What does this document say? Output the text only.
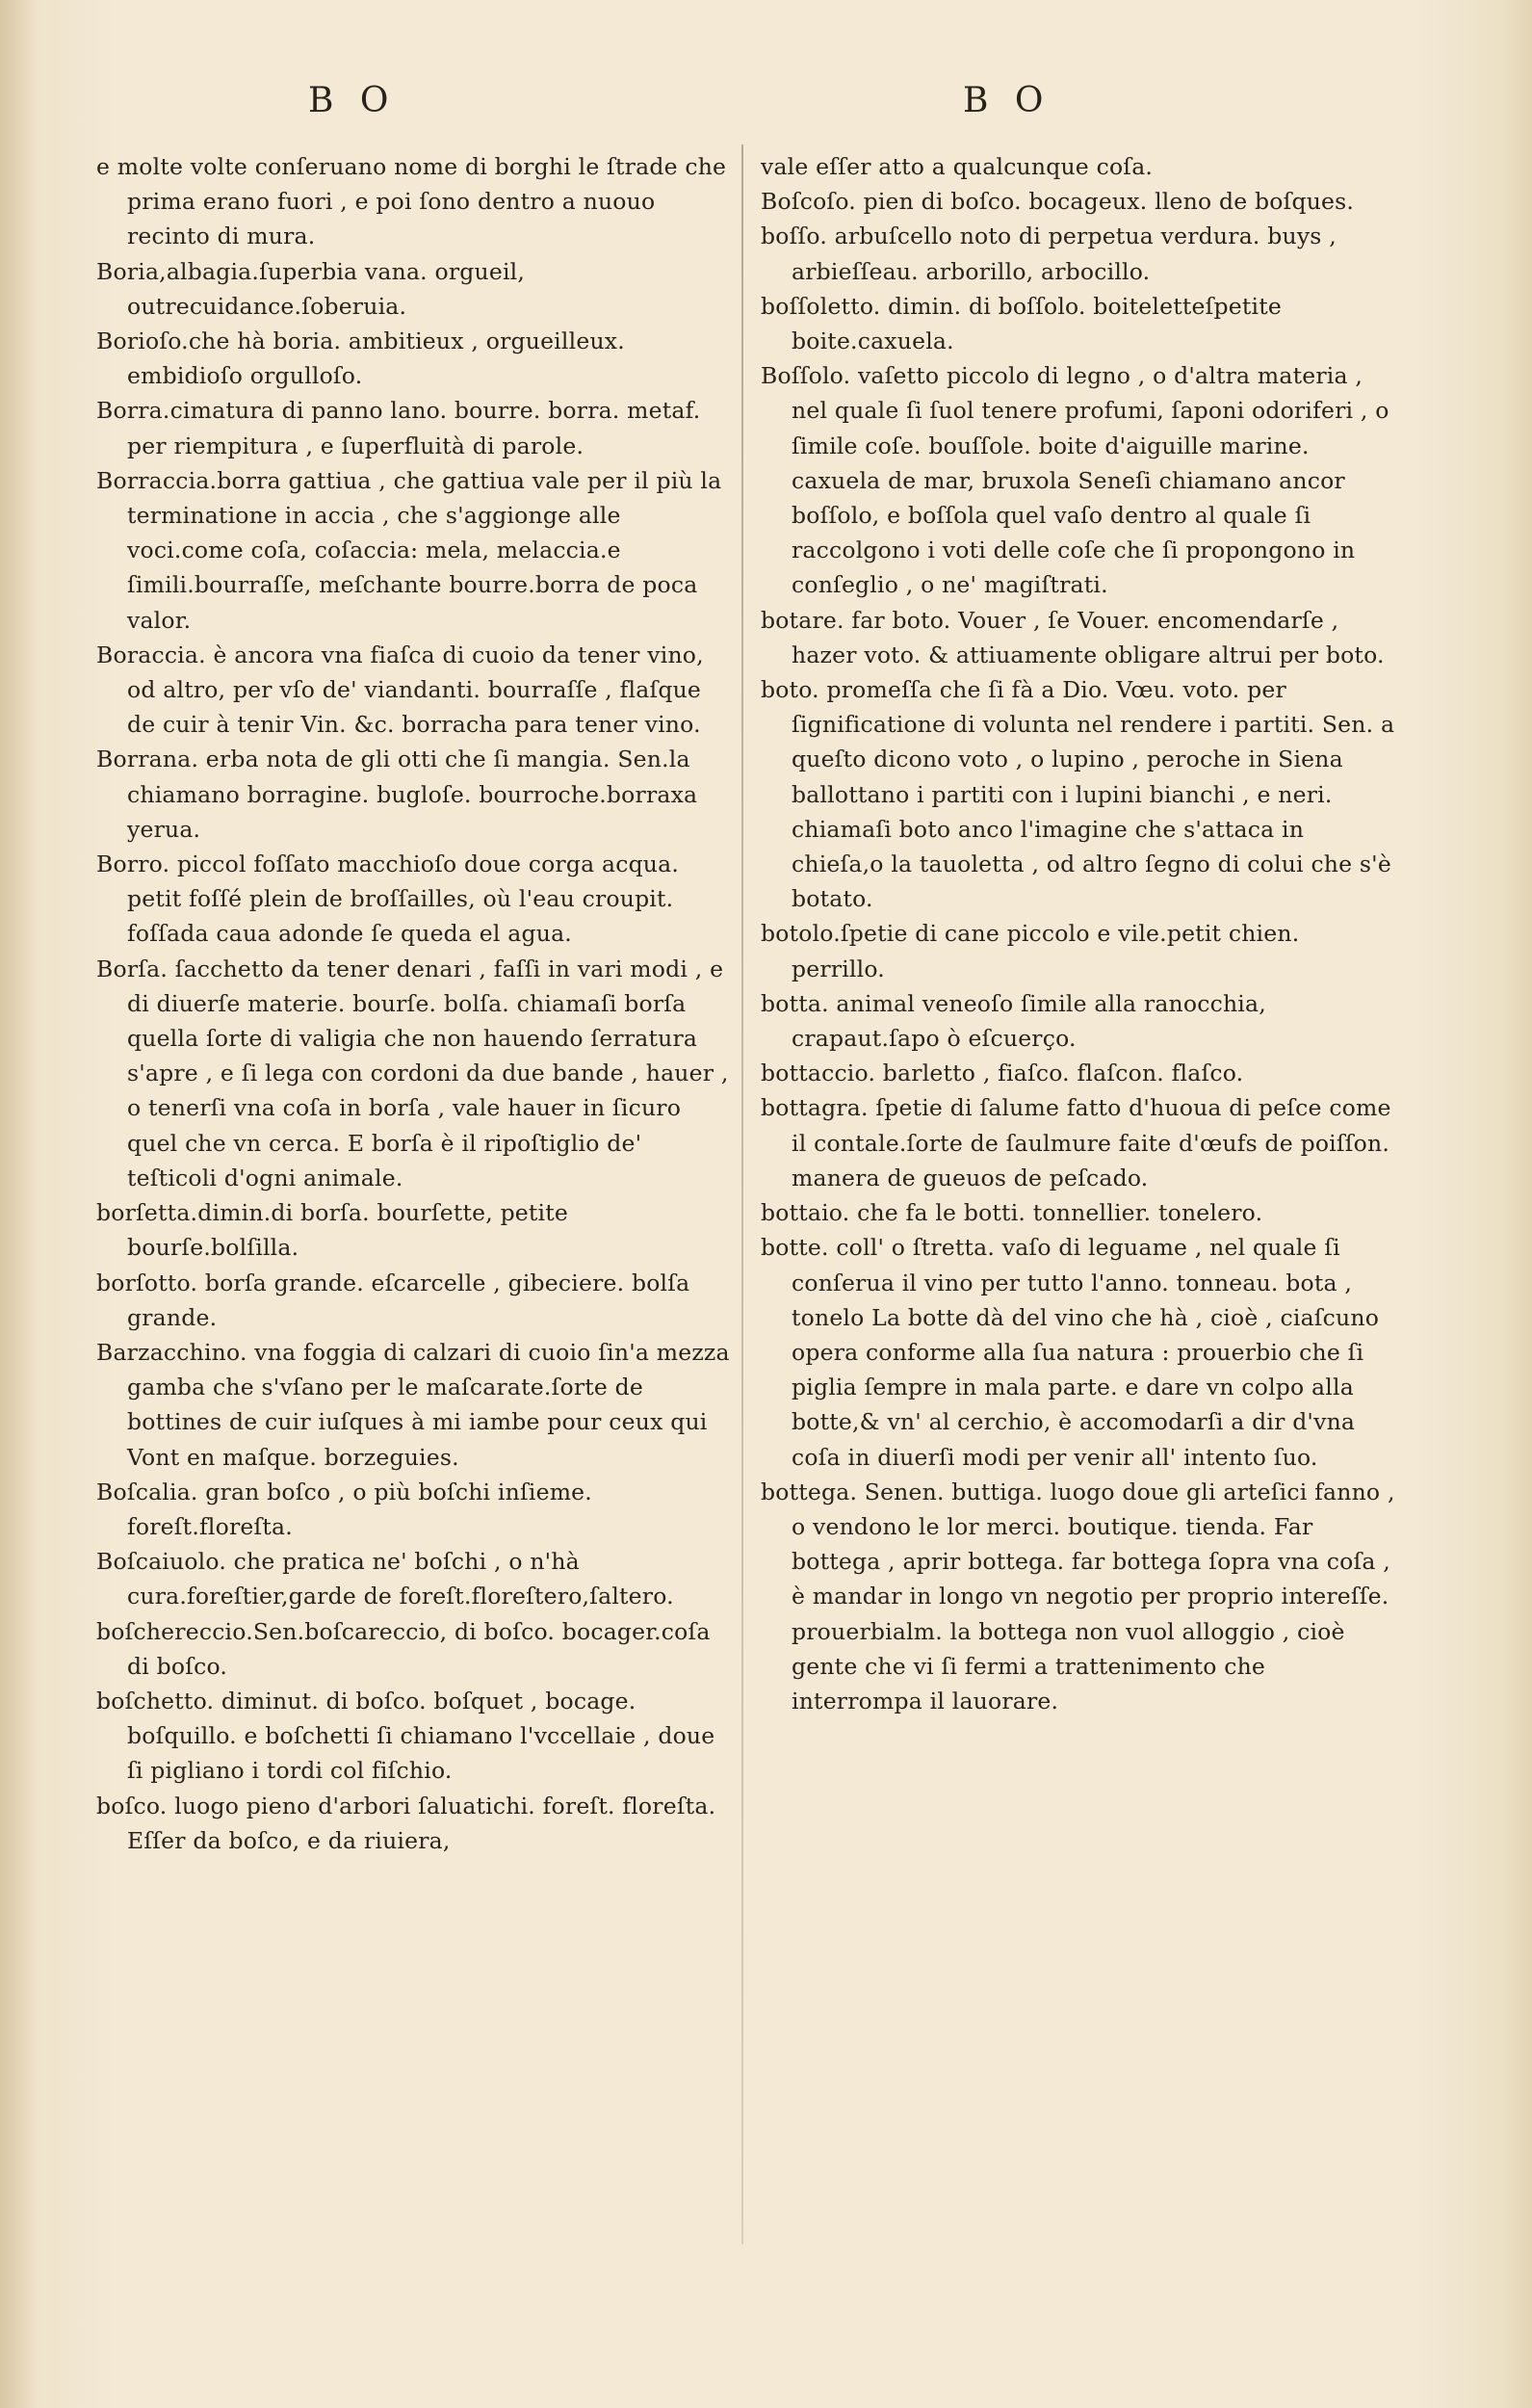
B O

e molte volte conſeruano nome di borghi le ſtrade che prima erano fuori , e poi ſono dentro a nuouo recinto di mura.

Boria,albagia.ſuperbia vana. orgueil, outrecuidance.ſoberuia.

Borioſo.che hà boria. ambitieux , orgueilleux. embidioſo orgulloſo.

Borra.cimatura di panno lano. bourre. borra. metaf. per riempitura , e ſuperfluità di parole.

Borraccia.borra gattiua , che gattiua vale per il più la terminatione in accia , che s'aggionge alle voci.come coſa, coſaccia: mela, melaccia.e ſimili.bourraſſe, meſchante bourre.borra de poca valor.

Boraccia. è ancora vna fiaſca di cuoio da tener vino, od altro, per vſo de' viandanti. bourraſſe , flaſque de cuir à tenir Vin. &c. borracha para tener vino.

Borrana. erba nota de gli otti che ſi mangia. Sen.la chiamano borragine. bugloſe. bourroche.borraxa yerua.

Borro. piccol foſſato macchioſo doue corga acqua. petit foſſé plein de broſſailles, où l'eau croupit. foſſada caua adonde ſe queda el agua.

Borſa. ſacchetto da tener denari , faſſi in vari modi , e di diuerſe materie. bourſe. bolſa. chiamaſi borſa quella ſorte di valigia che non hauendo ſerratura s'apre , e ſi lega con cordoni da due bande , hauer , o tenerſi vna coſa in borſa , vale hauer in ſicuro quel che vn cerca. E borſa è il ripoſtiglio de' teſticoli d'ogni animale.

borſetta.dimin.di borſa. bourſette, petite bourſe.bolſilla.

borſotto. borſa grande. eſcarcelle , gibeciere. bolſa grande.

Barzacchino. vna foggia di calzari di cuoio ſin'a mezza gamba che s'vſano per le maſcarate.ſorte de bottines de cuir iuſques à mi iambe pour ceux qui Vont en maſque. borzeguies.

Boſcalia. gran boſco , o più boſchi inſieme. foreſt.floreſta.

Boſcaiuolo. che pratica ne' boſchi , o n'hà cura.foreſtier,garde de foreſt.floreſtero,ſaltero.

boſchereccio.Sen.boſcareccio, di boſco. bocager.coſa di boſco.

boſchetto. diminut. di boſco. boſquet , bocage. boſquillo. e boſchetti ſi chiamano l'vccellaie , doue ſi pigliano i tordi col fiſchio.

boſco. luogo pieno d'arbori ſaluatichi. foreſt. floreſta. Eſſer da boſco, e da riuiera,

B O

vale eſſer atto a qualcunque coſa.

Boſcoſo. pien di boſco. bocageux. lleno de boſques.

boſſo. arbuſcello noto di perpetua verdura. buys , arbieſſeau. arborillo, arbocillo.

boſſoletto. dimin. di boſſolo. boiteletteſpetite boite.caxuela.

Boſſolo. vaſetto piccolo di legno , o d'altra materia , nel quale ſi ſuol tenere profumi, ſaponi odoriferi , o ſimile coſe. bouſſole. boite d'aiguille marine. caxuela de mar, bruxola Seneſi chiamano ancor boſſolo, e boſſola quel vaſo dentro al quale ſi raccolgono i voti delle coſe che ſi propongono in conſeglio , o ne' magiſtrati.

botare. far boto. Vouer , ſe Vouer. encomendarſe , hazer voto. & attiuamente obligare altrui per boto.

boto. promeſſa che ſi fà a Dio. Vœu. voto. per ſignificatione di volunta nel rendere i partiti. Sen. a queſto dicono voto , o lupino , peroche in Siena ballottano i partiti con i lupini bianchi , e neri. chiamaſi boto anco l'imagine che s'attaca in chieſa,o la tauoletta , od altro ſegno di colui che s'è botato.

botolo.ſpetie di cane piccolo e vile.petit chien. perrillo.

botta. animal veneoſo ſimile alla ranocchia, crapaut.ſapo ò eſcuerço.

bottaccio. barletto , fiaſco. flaſcon. flaſco.

bottagra. ſpetie di ſalume fatto d'huoua di peſce come il contale.ſorte de ſaulmure faite d'œufs de poiſſon. manera de gueuos de peſcado.

bottaio. che fa le botti. tonnellier. tonelero.

botte. coll' o ſtretta. vaſo di leguame , nel quale ſi conſerua il vino per tutto l'anno. tonneau. bota , tonelo La botte dà del vino che hà , cioè , ciaſcuno opera conforme alla ſua natura : prouerbio che ſi piglia ſempre in mala parte. e dare vn colpo alla botte,& vn' al cerchio, è accomodarſi a dir d'vna coſa in diuerſi modi per venir all' intento ſuo.

bottega. Senen. buttiga. luogo doue gli arteſici fanno , o vendono le lor merci. boutique. tienda. Far bottega , aprir bottega. far bottega ſopra vna coſa , è mandar in longo vn negotio per proprio intereſſe. prouerbialm. la bottega non vuol alloggio , cioè gente che vi ſi fermi a trattenimento che interrompa il lauorare.
